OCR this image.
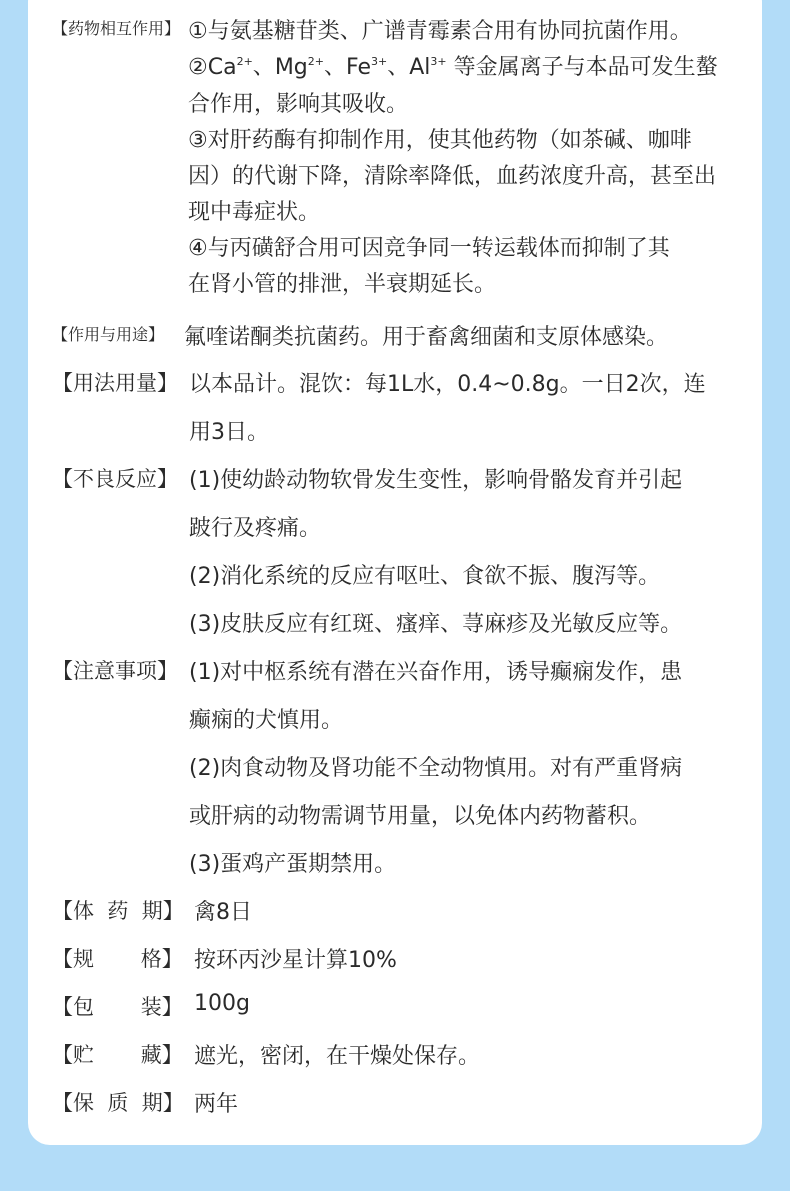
【药物相互作用】 ①与氨基糖苷类、广谱青霉素合用有协同抗菌作用。
$②Ca^{2+}$、$Mg^{2+}$、$Fe^{3+}$、$Al^{3+}$ 等金属离子与本品可发生螯
合作用，影响其吸收。
③对肝药酶有抑制作用，使其他药物（如茶碱、咖啡
因）的代谢下降，清除率降低，血药浓度升高，甚至出
现中毒症状。
④与丙磺舒合用可因竞争同一转运载体而抑制了其
在肾小管的排泄，半衰期延长。
【作用与用途】 氟喹诺酮类抗菌药。用于畜禽细菌和支原体感染。
【用法用量】 以本品计。混饮：每1L水，0.4~0.8g。一日2次，连
用3日。
【不良反应】 (1)使幼龄动物软骨发生变性，影响骨骼发育并引起
跛行及疼痛。
(2)消化系统的反应有呕吐、食欲不振、腹泻等。
(3)皮肤反应有红斑、瘙痒、荨麻疹及光敏反应等。
【注意事项】 (1)对中枢系统有潜在兴奋作用，诱导癫痫发作，患
癫痫的犬慎用。
(2)肉食动物及肾功能不全动物慎用。对有严重肾病
或肝病的动物需调节用量，以免体内药物蓄积。
(3)蛋鸡产蛋期禁用。
【体  药  期】 禽8日
【规       格】 按环丙沙星计算10%
【包       装】 100g
【贮       藏】 遮光，密闭，在干燥处保存。
【保  质  期】 两年
